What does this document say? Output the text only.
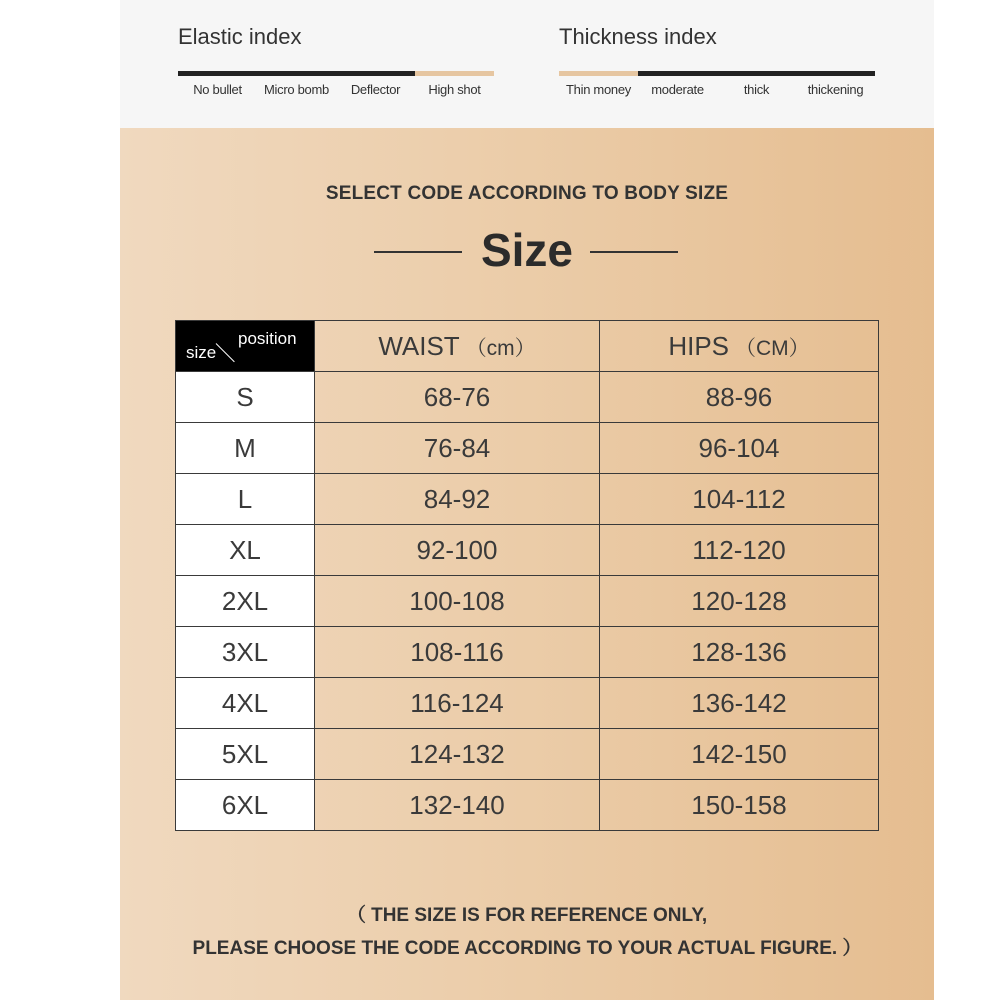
Elastic index
No bullet	Micro bomb	Deflector	High shot
Thickness index
Thin money	moderate	thick	thickening
SELECT CODE ACCORDING TO BODY SIZE
Size
size
position	WAIST （cm）	HIPS （CM）
S	68-76	88-96
M	76-84	96-104
L	84-92	104-112
XL	92-100	112-120
2XL	100-108	120-128
3XL	108-116	128-136
4XL	116-124	136-142
5XL	124-132	142-150
6XL	132-140	150-158
（ THE SIZE IS FOR REFERENCE ONLY,
PLEASE CHOOSE THE CODE ACCORDING TO YOUR ACTUAL FIGURE. ）
